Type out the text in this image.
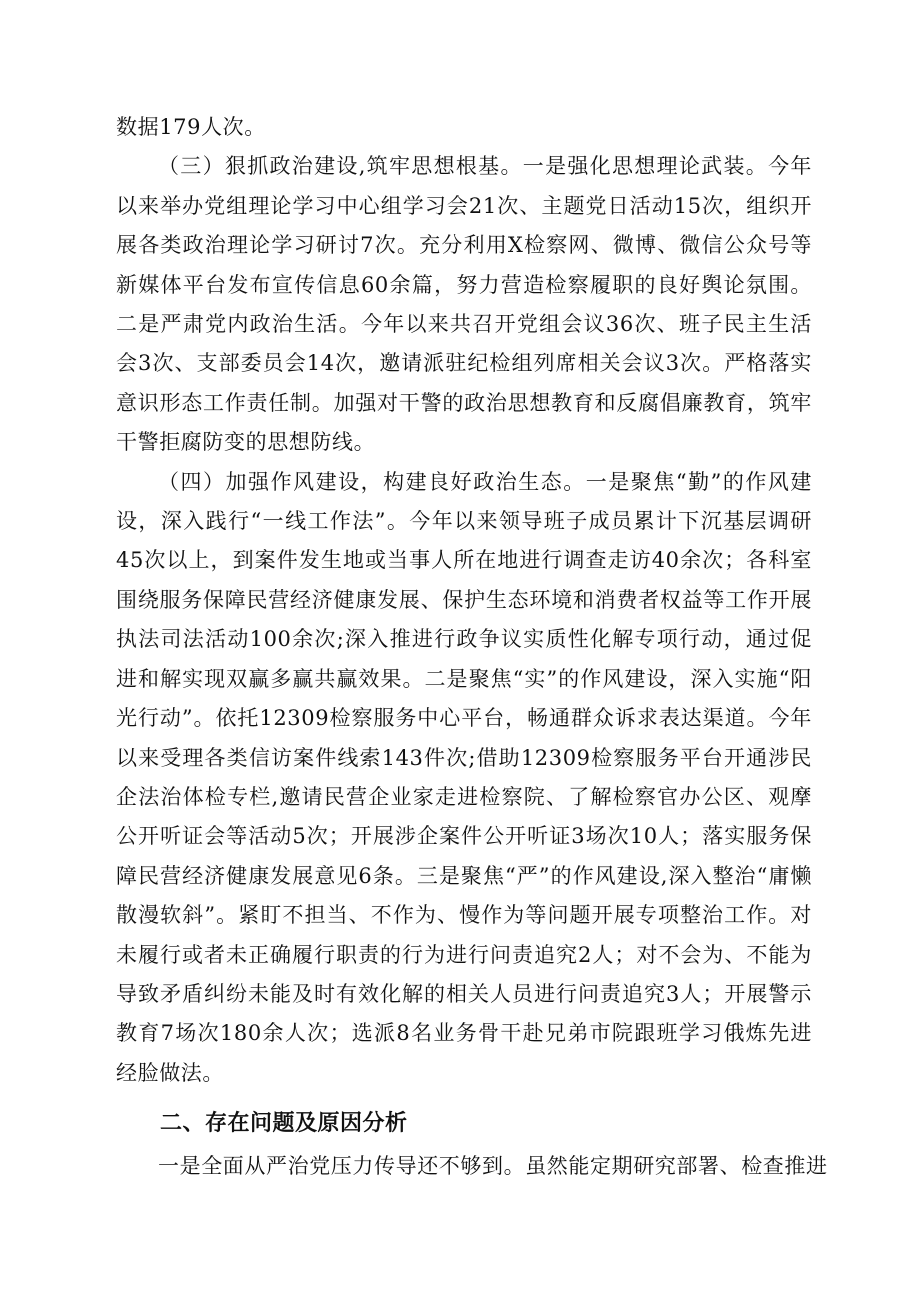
数据179人次。

（三）狠抓政治建设,筑牢思想根基。一是强化思想理论武装。今年以来举办党组理论学习中心组学习会21次、主题党日活动15次，组织开展各类政治理论学习研讨7次。充分利用X检察网、微博、微信公众号等新媒体平台发布宣传信息60余篇，努力营造检察履职的良好舆论氛围。二是严肃党内政治生活。今年以来共召开党组会议36次、班子民主生活会3次、支部委员会14次，邀请派驻纪检组列席相关会议3次。严格落实意识形态工作责任制。加强对干警的政治思想教育和反腐倡廉教育，筑牢干警拒腐防变的思想防线。

（四）加强作风建设，构建良好政治生态。一是聚焦“勤”的作风建设，深入践行“一线工作法”。今年以来领导班子成员累计下沉基层调研45次以上，到案件发生地或当事人所在地进行调查走访40余次；各科室围绕服务保障民营经济健康发展、保护生态环境和消费者权益等工作开展执法司法活动100余次;深入推进行政争议实质性化解专项行动，通过促进和解实现双赢多赢共赢效果。二是聚焦“实”的作风建设，深入实施“阳光行动”。依托12309检察服务中心平台，畅通群众诉求表达渠道。今年以来受理各类信访案件线索143件次;借助12309检察服务平台开通涉民企法治体检专栏,邀请民营企业家走进检察院、了解检察官办公区、观摩公开听证会等活动5次；开展涉企案件公开听证3场次10人；落实服务保障民营经济健康发展意见6条。三是聚焦“严”的作风建设,深入整治“庸懒散漫软斜”。紧盯不担当、不作为、慢作为等问题开展专项整治工作。对未履行或者未正确履行职责的行为进行问责追究2人；对不会为、不能为导致矛盾纠纷未能及时有效化解的相关人员进行问责追究3人；开展警示教育7场次180余人次；选派8名业务骨干赴兄弟市院跟班学习俄炼先进经脸做法。

二、存在问题及原因分析

一是全面从严治党压力传导还不够到。虽然能定期研究部署、检查推进
